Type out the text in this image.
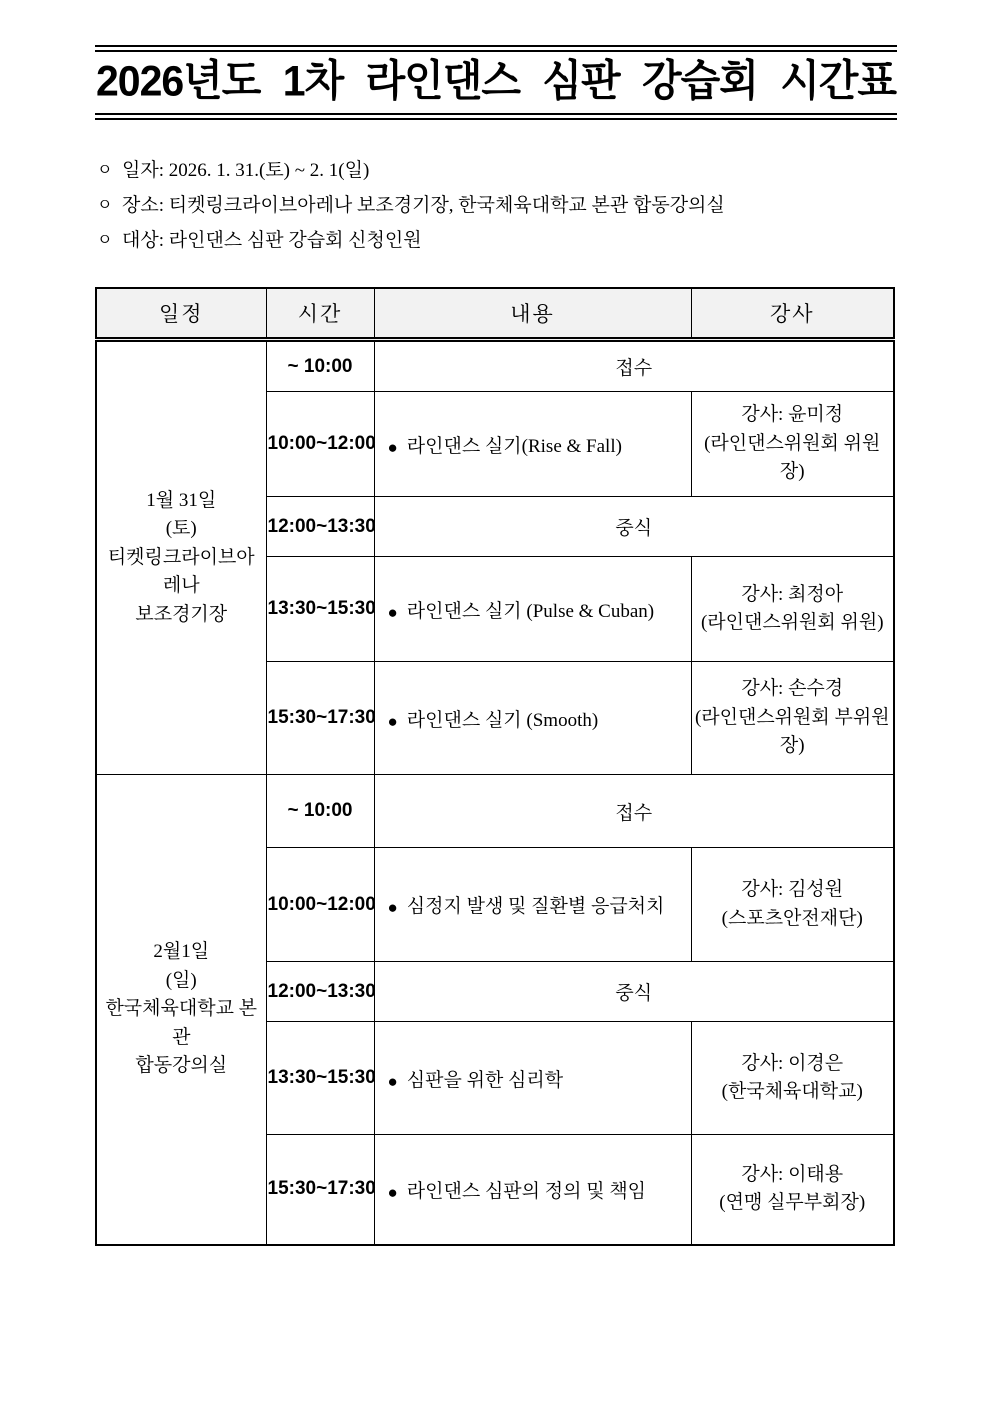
2026년도 1차 라인댄스 심판 강습회 시간표
ㅇ 일자: 2026. 1. 31.(토) ~ 2. 1(일)
ㅇ 장소: 티켓링크라이브아레나 보조경기장, 한국체육대학교 본관 합동강의실
ㅇ 대상: 라인댄스 심판 강습회 신청인원
일정	시간	내용	강사

1월 31일
(토)
티켓링크라이브아레나
보조경기장	~ 10:00	접수	
	10:00~12:00	● 라인댄스 실기(Rise & Fall)	강사: 윤미정
(라인댄스위원회 위원장)

	12:00~13:30	중식	
	13:30~15:30	● 라인댄스 실기 (Pulse & Cuban)	강사: 최정아
(라인댄스위원회 위원)

	15:30~17:30	● 라인댄스 실기 (Smooth)	강사: 손수경
(라인댄스위원회 부위원장)

2월1일
(일)
한국체육대학교 본관
합동강의실	~ 10:00	접수	
	10:00~12:00	● 심정지 발생 및 질환별 응급처치	강사: 김성원
(스포츠안전재단)

	12:00~13:30	중식	
	13:30~15:30	● 심판을 위한 심리학	강사: 이경은
(한국체육대학교)

	15:30~17:30	● 라인댄스 심판의 정의 및 책임	강사: 이태용
(연맹 실무부회장)
